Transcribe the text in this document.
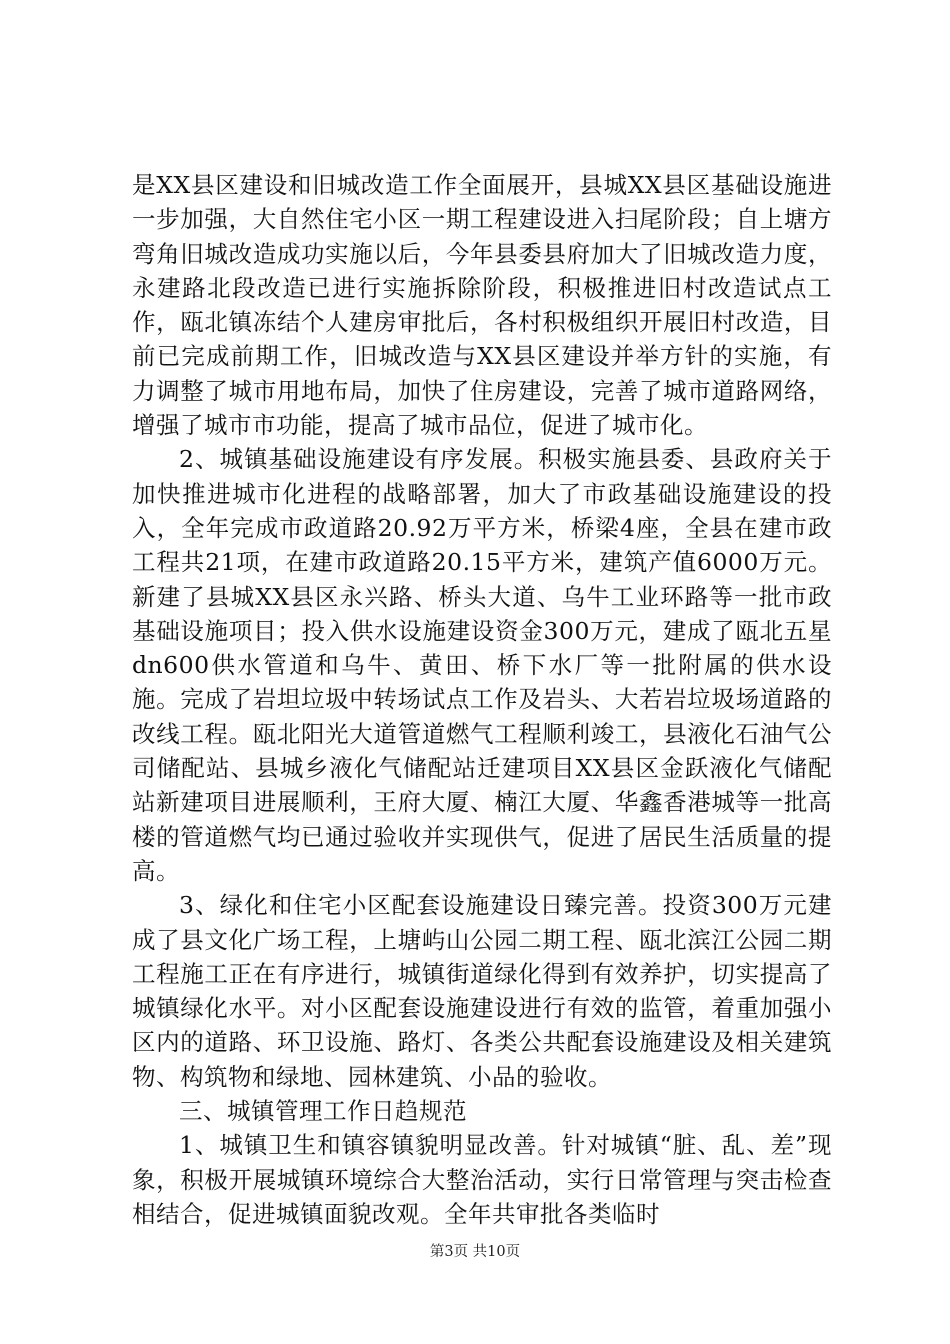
是XX县区建设和旧城改造工作全面展开，县城XX县区基础设施进一步加强，大自然住宅小区一期工程建设进入扫尾阶段；自上塘方弯角旧城改造成功实施以后，今年县委县府加大了旧城改造力度，永建路北段改造已进行实施拆除阶段，积极推进旧村改造试点工作，瓯北镇冻结个人建房审批后，各村积极组织开展旧村改造，目前已完成前期工作，旧城改造与XX县区建设并举方针的实施，有力调整了城市用地布局，加快了住房建设，完善了城市道路网络，增强了城市市功能，提高了城市品位，促进了城市化。

2、城镇基础设施建设有序发展。积极实施县委、县政府关于加快推进城市化进程的战略部署，加大了市政基础设施建设的投入，全年完成市政道路20.92万平方米，桥梁4座，全县在建市政工程共21项，在建市政道路20.15平方米，建筑产值6000万元。新建了县城XX县区永兴路、桥头大道、乌牛工业环路等一批市政基础设施项目；投入供水设施建设资金300万元，建成了瓯北五星dn600供水管道和乌牛、黄田、桥下水厂等一批附属的供水设施。完成了岩坦垃圾中转场试点工作及岩头、大若岩垃圾场道路的改线工程。瓯北阳光大道管道燃气工程顺利竣工，县液化石油气公司储配站、县城乡液化气储配站迁建项目XX县区金跃液化气储配站新建项目进展顺利，王府大厦、楠江大厦、华鑫香港城等一批高楼的管道燃气均已通过验收并实现供气，促进了居民生活质量的提高。

3、绿化和住宅小区配套设施建设日臻完善。投资300万元建成了县文化广场工程，上塘屿山公园二期工程、瓯北滨江公园二期工程施工正在有序进行，城镇街道绿化得到有效养护，切实提高了城镇绿化水平。对小区配套设施建设进行有效的监管，着重加强小区内的道路、环卫设施、路灯、各类公共配套设施建设及相关建筑物、构筑物和绿地、园林建筑、小品的验收。

三、城镇管理工作日趋规范

1、城镇卫生和镇容镇貌明显改善。针对城镇“脏、乱、差”现象，积极开展城镇环境综合大整治活动，实行日常管理与突击检查相结合，促进城镇面貌改观。全年共审批各类临时

第3页 共10页
